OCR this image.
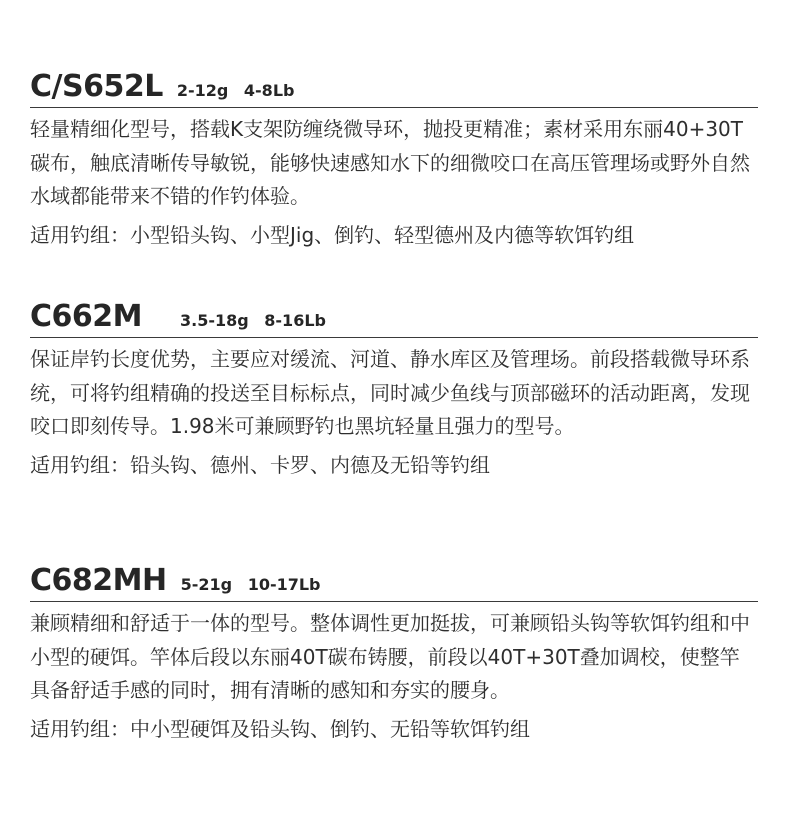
C/S652L 2-12g 4-8Lb

轻量精细化型号，搭载K支架防缠绕微导环，抛投更精准；素材采用东丽40+30T碳布，触底清晰传导敏锐，能够快速感知水下的细微咬口在高压管理场或野外自然水域都能带来不错的作钓体验。

适用钓组：小型铅头钩、小型Jig、倒钓、轻型德州及内德等软饵钓组

C662M 3.5-18g 8-16Lb

保证岸钓长度优势，主要应对缓流、河道、静水库区及管理场。前段搭载微导环系统，可将钓组精确的投送至目标标点，同时减少鱼线与顶部磁环的活动距离，发现咬口即刻传导。1.98米可兼顾野钓也黑坑轻量且强力的型号。

适用钓组：铅头钩、德州、卡罗、内德及无铅等钓组

C682MH 5-21g 10-17Lb

兼顾精细和舒适于一体的型号。整体调性更加挺拔，可兼顾铅头钩等软饵钓组和中小型的硬饵。竿体后段以东丽40T碳布铸腰，前段以40T+30T叠加调校，使整竿具备舒适手感的同时，拥有清晰的感知和夯实的腰身。

适用钓组：中小型硬饵及铅头钩、倒钓、无铅等软饵钓组
